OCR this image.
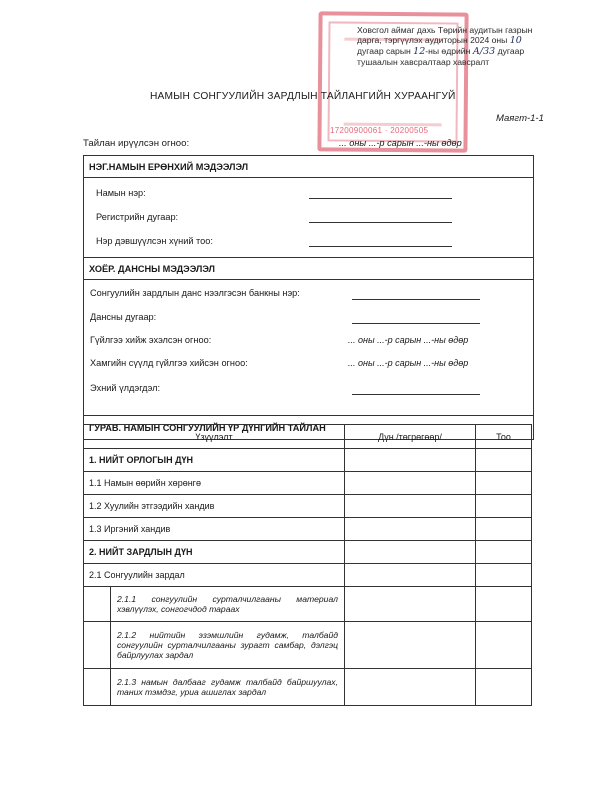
17200900061 · 20200505
Ховсгол аймаг дахь Төрийн аудитын газрын
дарга, тэргүүлэх аудиторын 2024 оны 10
дугаар сарын 12-ны өдрийн А/33 дугаар
тушаалын хавсралтаар хавсралт
НАМЫН СОНГУУЛИЙН ЗАРДЛЫН ТАЙЛАНГИЙН ХУРААНГУЙ
Маягт-1-1
Тайлан ирүүлсэн огноо:	... оны ...-р сарын ...-ны өдөр
НЭГ.НАМЫН ЕРӨНХИЙ МЭДЭЭЛЭЛ
Намын нэр:
Регистрийн дугаар:
Нэр дэвшүүлсэн хүний тоо:
ХОЁР. ДАНСНЫ МЭДЭЭЛЭЛ
Сонгуулийн зардлын данс нээлгэсэн банкны нэр:
Дансны дугаар:
Гүйлгээ хийж эхэлсэн огноо:	... оны ...-р сарын ...-ны өдөр
Хамгийн сүүлд гүйлгээ хийсэн огноо:	... оны ...-р сарын ...-ны өдөр
Эхний үлдэгдэл:
ГУРАВ. НАМЫН СОНГУУЛИЙН ҮР ДҮНГИЙН ТАЙЛАН
Үзүүлэлт		Дүн /төгрөгөөр/	Тоо
1. НИЙТ ОРЛОГЫН ДҮН			
1.1 Намын өөрийн хөрөнгө			
1.2 Хуулийн этгээдийн хандив			
1.3 Иргэний хандив			
2. НИЙТ ЗАРДЛЫН ДҮН			
2.1 Сонгуулийн зардал			
	2.1.1 сонгуулийн сурталчилгааны материал хэвлүүлэх, сонгогчдод тараах		
	2.1.2 нийтийн эзэмшлийн гудамж, талбайд сонгуулийн сурталчилгааны зурагт самбар, дэлгэц байрлуулах зардал		
	2.1.3 намын далбааг гудамж талбайд байршуулах, таних тэмдэг, уриа ашиглах зардал		
